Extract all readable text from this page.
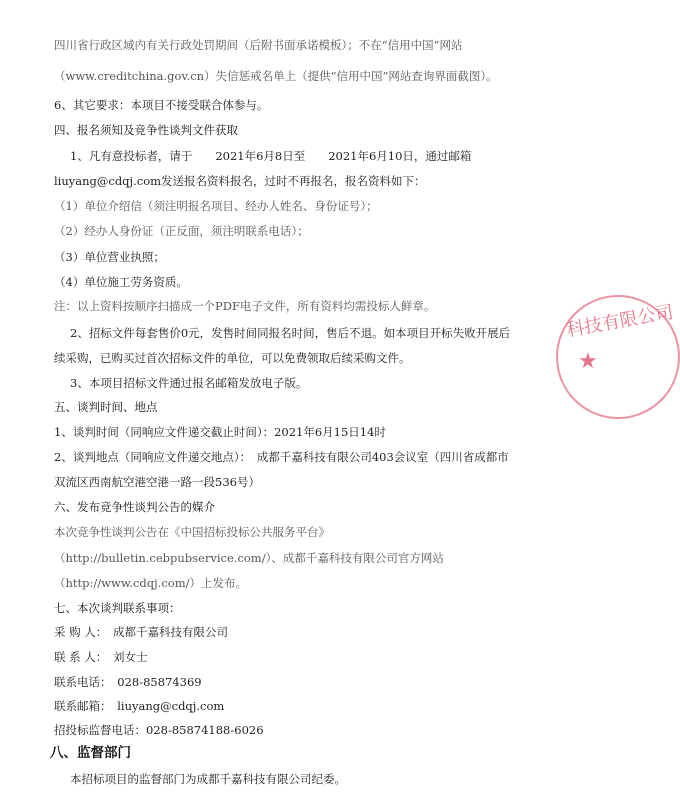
四川省行政区域内有关行政处罚期间（后附书面承诺模板）；不在“信用中国”网站
（www.creditchina.gov.cn）失信惩戒名单上（提供“信用中国”网站查询界面截图）。
6、其它要求：本项目不接受联合体参与。
四、报名须知及竞争性谈判文件获取
1、凡有意投标者，请于　　2021年6月8日至　　2021年6月10日，通过邮箱
liuyang@cdqj.com发送报名资料报名，过时不再报名，报名资料如下：
（1）单位介绍信（须注明报名项目、经办人姓名、身份证号）；
（2）经办人身份证（正反面，须注明联系电话）；
（3）单位营业执照；
（4）单位施工劳务资质。
注：以上资料按顺序扫描成一个PDF电子文件，所有资料均需投标人鲜章。
2、招标文件每套售价0元，发售时间同报名时间，售后不退。如本项目开标失败开展后
续采购，已购买过首次招标文件的单位，可以免费领取后续采购文件。
3、本项目招标文件通过报名邮箱发放电子版。
五、谈判时间、地点
1、谈判时间（同响应文件递交截止时间）：2021年6月15日14时
2、谈判地点（同响应文件递交地点）：　成都千嘉科技有限公司403会议室（四川省成都市
双流区西南航空港空港一路一段536号）
六、发布竞争性谈判公告的媒介
本次竞争性谈判公告在《中国招标投标公共服务平台》
（http://bulletin.cebpubservice.com/）、成都千嘉科技有限公司官方网站
（http://www.cdqj.com/）上发布。
七、本次谈判联系事项：
采 购 人：　成都千嘉科技有限公司
联 系 人：　刘女士
联系电话：　028-85874369
联系邮箱：　liuyang@cdqj.com
招投标监督电话：028-85874188-6026
八、监督部门
本招标项目的监督部门为成都千嘉科技有限公司纪委。
科技有限公司
★
